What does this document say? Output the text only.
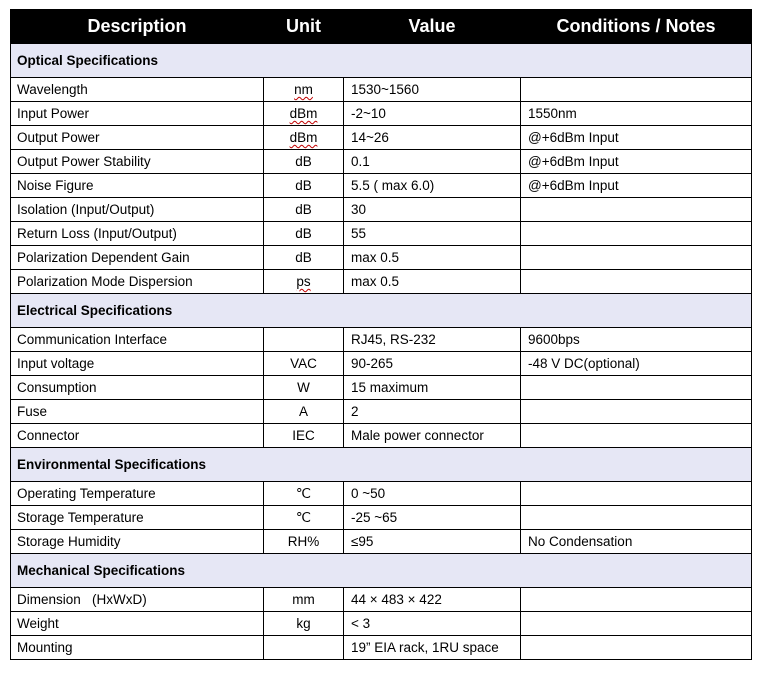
Description	Unit	Value	Conditions / Notes
Optical Specifications			
Wavelength	nm	1530~1560	
Input Power	dBm	-2~10	1550nm
Output Power	dBm	14~26	@+6dBm Input
Output Power Stability	dB	0.1	@+6dBm Input
Noise Figure	dB	5.5 ( max 6.0)	@+6dBm Input
Isolation (Input/Output)	dB	30	
Return Loss (Input/Output)	dB	55	
Polarization Dependent Gain	dB	max 0.5	
Polarization Mode Dispersion	ps	max 0.5	
Electrical Specifications			
Communication Interface		RJ45, RS-232	9600bps
Input voltage	VAC	90-265	-48 V DC(optional)
Consumption	W	15 maximum	
Fuse	A	2	
Connector	IEC	Male power connector	
Environmental Specifications			
Operating Temperature	℃	0 ~50	
Storage Temperature	℃	-25 ~65	
Storage Humidity	RH%	≤95	No Condensation
Mechanical Specifications			
Dimension   (HxWxD)	mm	44 × 483 × 422	
Weight	kg	< 3	
Mounting		19” EIA rack, 1RU space	
